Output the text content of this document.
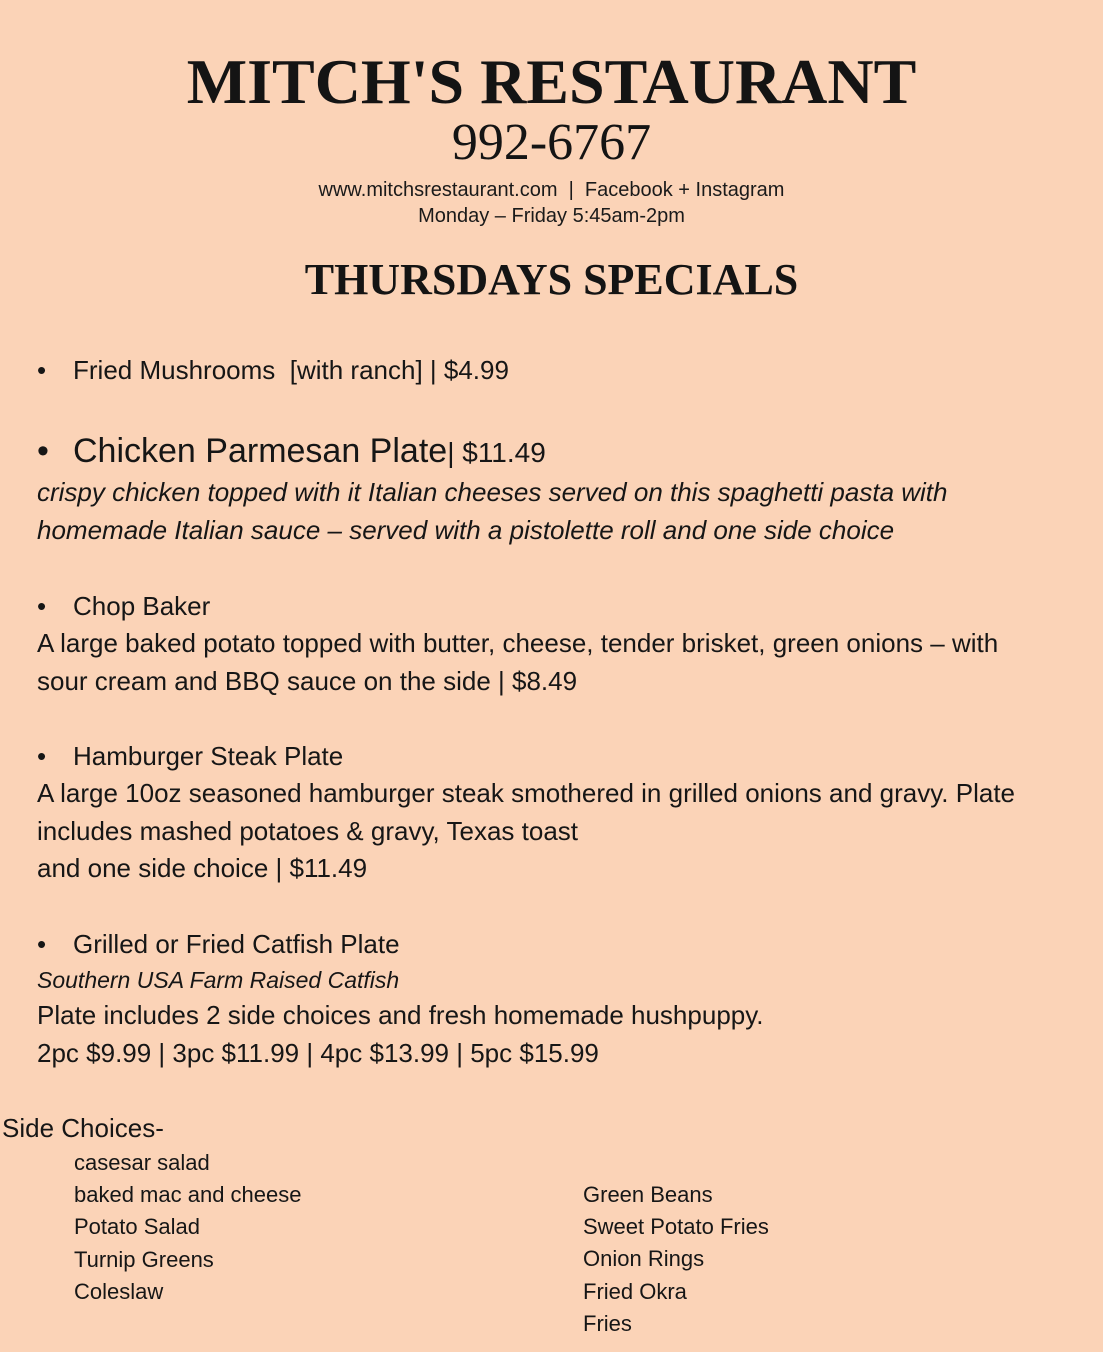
MITCH'S RESTAURANT
992-6767
www.mitchsrestaurant.com  |  Facebook + Instagram
Monday – Friday 5:45am-2pm
THURSDAYS SPECIALS
• Fried Mushrooms  [with ranch] | $4.99
• Chicken Parmesan Plate| $11.49
crispy chicken topped with it Italian cheeses served on this spaghetti pasta with
homemade Italian sauce – served with a pistolette roll and one side choice
• Chop Baker
A large baked potato topped with butter, cheese, tender brisket, green onions – with
sour cream and BBQ sauce on the side | $8.49
• Hamburger Steak Plate
A large 10oz seasoned hamburger steak smothered in grilled onions and gravy. Plate
includes mashed potatoes & gravy, Texas toast
and one side choice | $11.49
• Grilled or Fried Catfish Plate
Southern USA Farm Raised Catfish
Plate includes 2 side choices and fresh homemade hushpuppy.
2pc $9.99 | 3pc $11.99 | 4pc $13.99 | 5pc $15.99
Side Choices-
casesar salad
baked mac and cheese
Potato Salad
Turnip Greens
Coleslaw
Green Beans
Sweet Potato Fries
Onion Rings
Fried Okra
Fries
